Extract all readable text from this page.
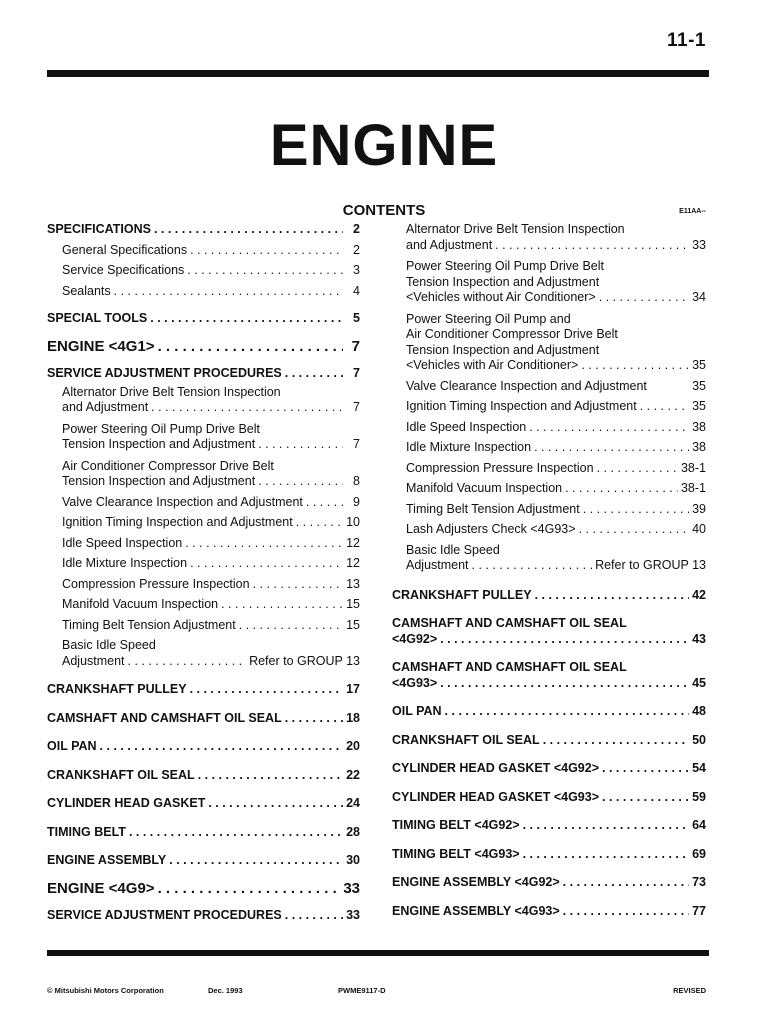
11-1
ENGINE
CONTENTS	E11AA--
SPECIFICATIONS . . .	2
General Specifications . . .	2
Service Specifications . . .	3
Sealants . . .	4
SPECIAL TOOLS . . .	5
ENGINE <4G1> . . .	7
SERVICE ADJUSTMENT PROCEDURES . . .	7
Alternator Drive Belt Tension Inspection
and Adjustment . . .	7
Power Steering Oil Pump Drive Belt
Tension Inspection and Adjustment . . .	7
Air Conditioner Compressor Drive Belt
Tension Inspection and Adjustment . . .	8
Valve Clearance Inspection and Adjustment . . .	9
Ignition Timing Inspection and Adjustment . . .	10
Idle Speed Inspection . . .	12
Idle Mixture Inspection . . .	12
Compression Pressure Inspection . . .	13
Manifold Vacuum Inspection . . .	15
Timing Belt Tension Adjustment . . .	15
Basic Idle Speed
Adjustment . . .	Refer to GROUP 13
CRANKSHAFT PULLEY . . .	17
CAMSHAFT AND CAMSHAFT OIL SEAL . . .	18
OIL PAN . . .	20
CRANKSHAFT OIL SEAL . . .	22
CYLINDER HEAD GASKET . . .	24
TIMING BELT . . .	28
ENGINE ASSEMBLY . . .	30
ENGINE <4G9> . . .	33
SERVICE ADJUSTMENT PROCEDURES . . .	33
Alternator Drive Belt Tension Inspection
and Adjustment . . .	33
Power Steering Oil Pump Drive Belt
Tension Inspection and Adjustment
<Vehicles without Air Conditioner> . . .	34
Power Steering Oil Pump and
Air Conditioner Compressor Drive Belt
Tension Inspection and Adjustment
<Vehicles with Air Conditioner> . . .	35
Valve Clearance Inspection and Adjustment	35
Ignition Timing Inspection and Adjustment . . .	35
Idle Speed Inspection . . .	38
Idle Mixture Inspection . . .	38
Compression Pressure Inspection . . .	38-1
Manifold Vacuum Inspection . . .	38-1
Timing Belt Tension Adjustment . . .	39
Lash Adjusters Check <4G93> . . .	40
Basic Idle Speed
Adjustment . . .	Refer to GROUP 13
CRANKSHAFT PULLEY . . .	42
CAMSHAFT AND CAMSHAFT OIL SEAL
<4G92> . . .	43
CAMSHAFT AND CAMSHAFT OIL SEAL
<4G93> . . .	45
OIL PAN . . .	48
CRANKSHAFT OIL SEAL . . .	50
CYLINDER HEAD GASKET <4G92> . . .	54
CYLINDER HEAD GASKET <4G93> . . .	59
TIMING BELT <4G92> . . .	64
TIMING BELT <4G93> . . .	69
ENGINE ASSEMBLY <4G92> . . .	73
ENGINE ASSEMBLY <4G93> . . .	77
© Mitsubishi Motors Corporation	Dec. 1993	PWME9117-D	REVISED
